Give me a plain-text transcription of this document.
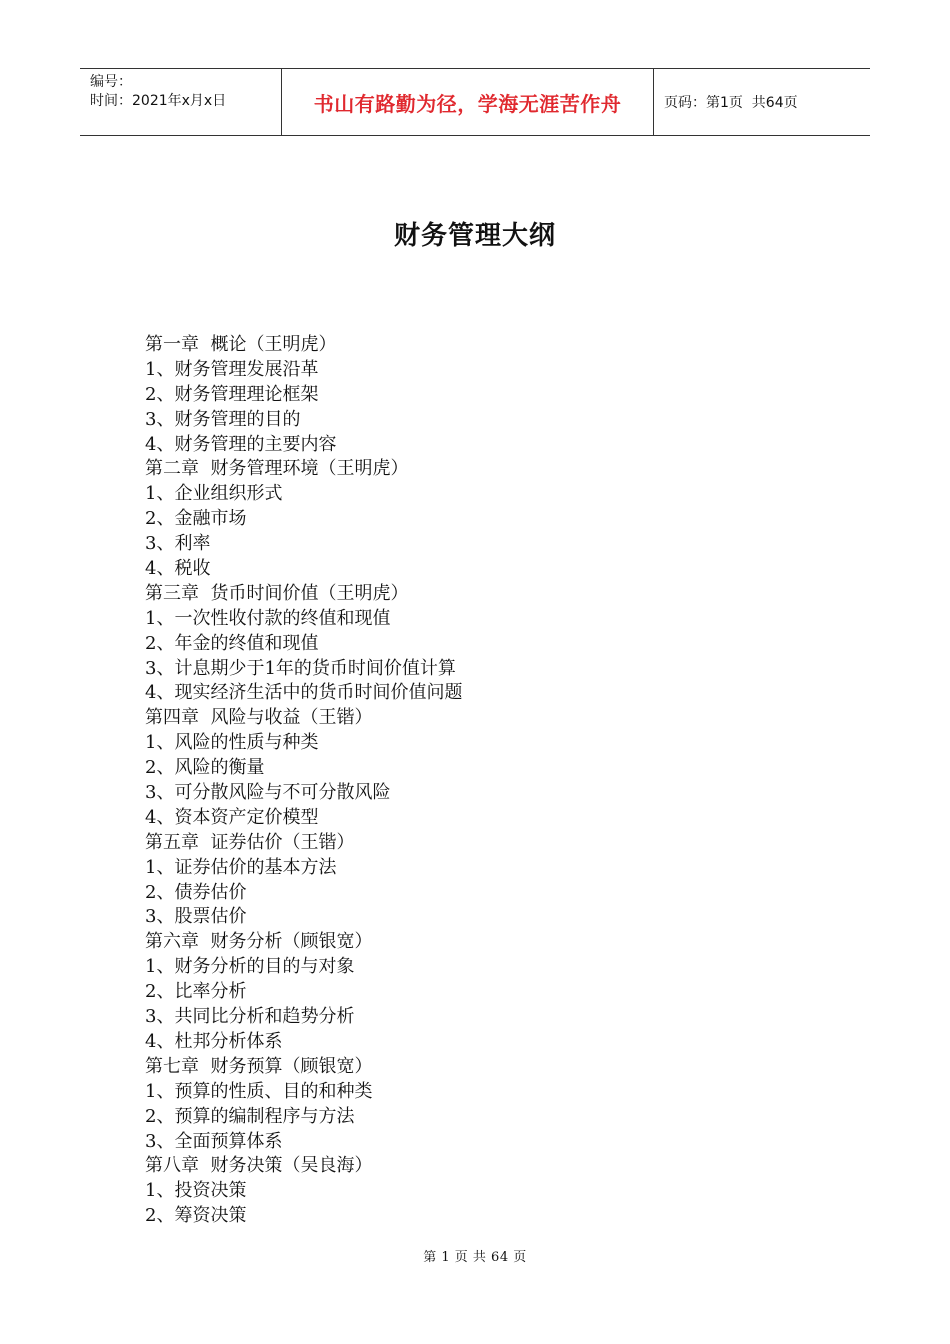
编号：
时间：2021年x月x日	书山有路勤为径，学海无涯苦作舟	页码：第1页  共64页
财务管理大纲
第一章  概论（王明虎）
1、财务管理发展沿革
2、财务管理理论框架
3、财务管理的目的
4、财务管理的主要内容
第二章  财务管理环境（王明虎）
1、企业组织形式
2、金融市场
3、利率
4、税收
第三章  货币时间价值（王明虎）
1、一次性收付款的终值和现值
2、年金的终值和现值
3、计息期少于1年的货币时间价值计算
4、现实经济生活中的货币时间价值问题
第四章  风险与收益（王锴）
1、风险的性质与种类
2、风险的衡量
3、可分散风险与不可分散风险
4、资本资产定价模型
第五章  证券估价（王锴）
1、证券估价的基本方法
2、债券估价
3、股票估价
第六章  财务分析（顾银宽）
1、财务分析的目的与对象
2、比率分析
3、共同比分析和趋势分析
4、杜邦分析体系
第七章  财务预算（顾银宽）
1、预算的性质、目的和种类
2、预算的编制程序与方法
3、全面预算体系
第八章  财务决策（吴良海）
1、投资决策
2、筹资决策
第 1 页 共 64 页
